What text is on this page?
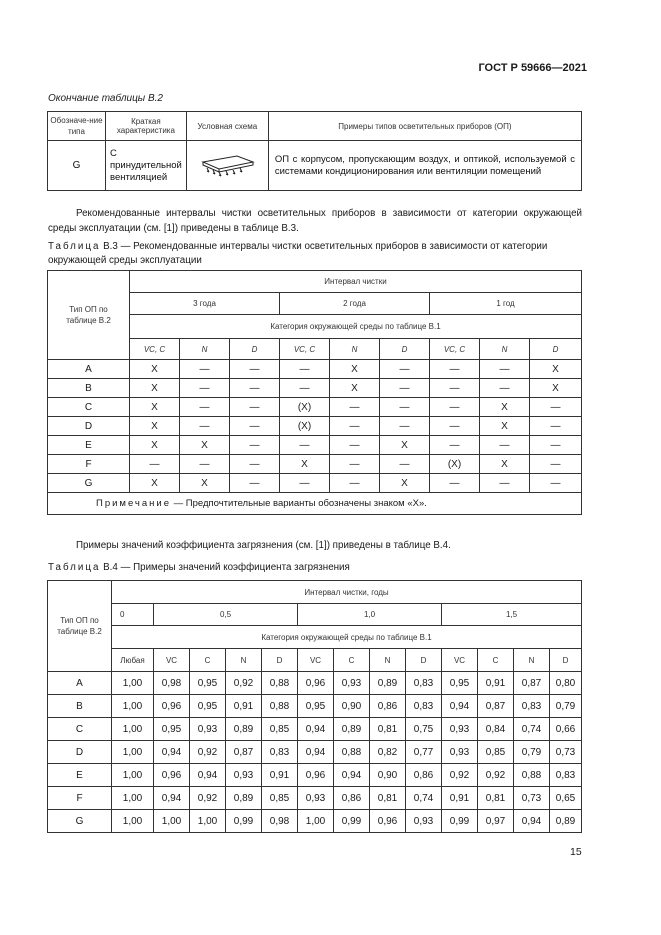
ГОСТ Р 59666—2021
Окончание таблицы В.2
Обозначе-ние типа	Краткая характеристика	Условная схема	Примеры типов осветительных приборов (ОП)
G	С принудительной вентиляцией		ОП с корпусом, пропускающим воздух, и оптикой, используемой с системами кондиционирования или вентиляции помещений
Рекомендованные интервалы чистки осветительных приборов в зависимости от категории окружающей среды эксплуатации (см. [1]) приведены в таблице В.3.
Таблица В.3 — Рекомендованные интервалы чистки осветительных приборов в зависимости от категории окружающей среды эксплуатации
Тип ОП по таблице В.2	Интервал чистки								
	3 года			2 года			1 год		
	Категория окружающей среды по таблице В.1								
	VC, C	N	D	VC, C	N	D	VC, C	N	D
A	X	—	—	—	X	—	—	—	X
B	X	—	—	—	X	—	—	—	X
C	X	—	—	(X)	—	—	—	X	—
D	X	—	—	(X)	—	—	—	X	—
E	X	X	—	—	—	X	—	—	—
F	—	—	—	X	—	—	(X)	X	—
G	X	X	—	—	—	X	—	—	—
Примечание — Предпочтительные варианты обозначены знаком «X».									
Примеры значений коэффициента загрязнения (см. [1]) приведены в таблице В.4.
Таблица В.4 — Примеры значений коэффициента загрязнения
Тип ОП по таблице В.2	Интервал чистки, годы												
	0	0,5				1,0				1,5			
	Категория окружающей среды по таблице В.1												
	Любая	VC	C	N	D	VC	C	N	D	VC	C	N	D
A	1,00	0,98	0,95	0,92	0,88	0,96	0,93	0,89	0,83	0,95	0,91	0,87	0,80
B	1,00	0,96	0,95	0,91	0,88	0,95	0,90	0,86	0,83	0,94	0,87	0,83	0,79
C	1,00	0,95	0,93	0,89	0,85	0,94	0,89	0,81	0,75	0,93	0,84	0,74	0,66
D	1,00	0,94	0,92	0,87	0,83	0,94	0,88	0,82	0,77	0,93	0,85	0,79	0,73
E	1,00	0,96	0,94	0,93	0,91	0,96	0,94	0,90	0,86	0,92	0,92	0,88	0,83
F	1,00	0,94	0,92	0,89	0,85	0,93	0,86	0,81	0,74	0,91	0,81	0,73	0,65
G	1,00	1,00	1,00	0,99	0,98	1,00	0,99	0,96	0,93	0,99	0,97	0,94	0,89
15
